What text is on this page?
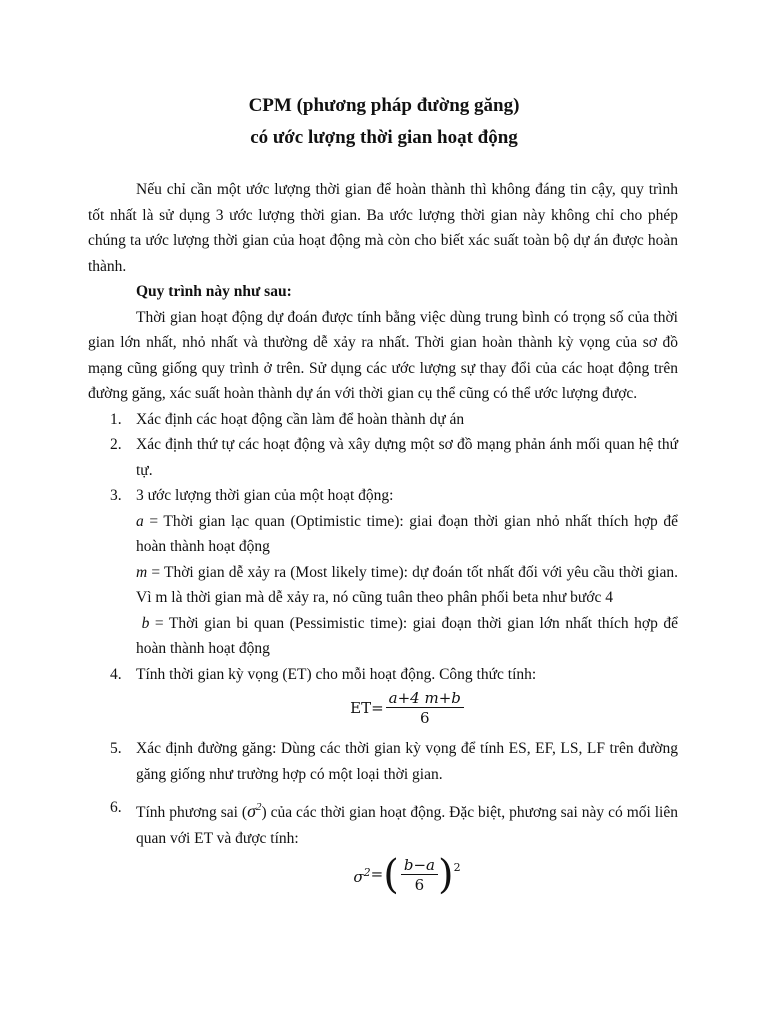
CPM (phương pháp đường găng)
có ước lượng thời gian hoạt động

Nếu chỉ cần một ước lượng thời gian để hoàn thành thì không đáng tin cậy, quy trình tốt nhất là sử dụng 3 ước lượng thời gian. Ba ước lượng thời gian này không chỉ cho phép chúng ta ước lượng thời gian của hoạt động mà còn cho biết xác suất toàn bộ dự án được hoàn thành.

Quy trình này như sau:

Thời gian hoạt động dự đoán được tính bằng việc dùng trung bình có trọng số của thời gian lớn nhất, nhỏ nhất và thường dễ xảy ra nhất. Thời gian hoàn thành kỳ vọng của sơ đồ mạng cũng giống quy trình ở trên. Sử dụng các ước lượng sự thay đổi của các hoạt động trên đường găng, xác suất hoàn thành dự án với thời gian cụ thể cũng có thể ước lượng được.

1. Xác định các hoạt động cần làm để hoàn thành dự án
2. Xác định thứ tự các hoạt động và xây dựng một sơ đồ mạng phản ánh mối quan hệ thứ tự.
3. 3 ước lượng thời gian của một hoạt động:
a = Thời gian lạc quan (Optimistic time): giai đoạn thời gian nhỏ nhất thích hợp để hoàn thành hoạt động
m = Thời gian dễ xảy ra (Most likely time): dự đoán tốt nhất đối với yêu cầu thời gian. Vì m là thời gian mà dễ xảy ra, nó cũng tuân theo phân phối beta như bước 4
b = Thời gian bi quan (Pessimistic time): giai đoạn thời gian lớn nhất thích hợp để hoàn thành hoạt động
4. Tính thời gian kỳ vọng (ET) cho mỗi hoạt động. Công thức tính:
$ET= \frac{a+4 m+b}{6}$
5. Xác định đường găng: Dùng các thời gian kỳ vọng để tính ES, EF, LS, LF trên đường găng giống như trường hợp có một loại thời gian.
6. Tính phương sai $(\sigma^2)$ của các thời gian hoạt động. Đặc biệt, phương sai này có mối liên quan với ET và được tính:
$\sigma^2$ = ( $\frac{b-a}{6} )^2$
